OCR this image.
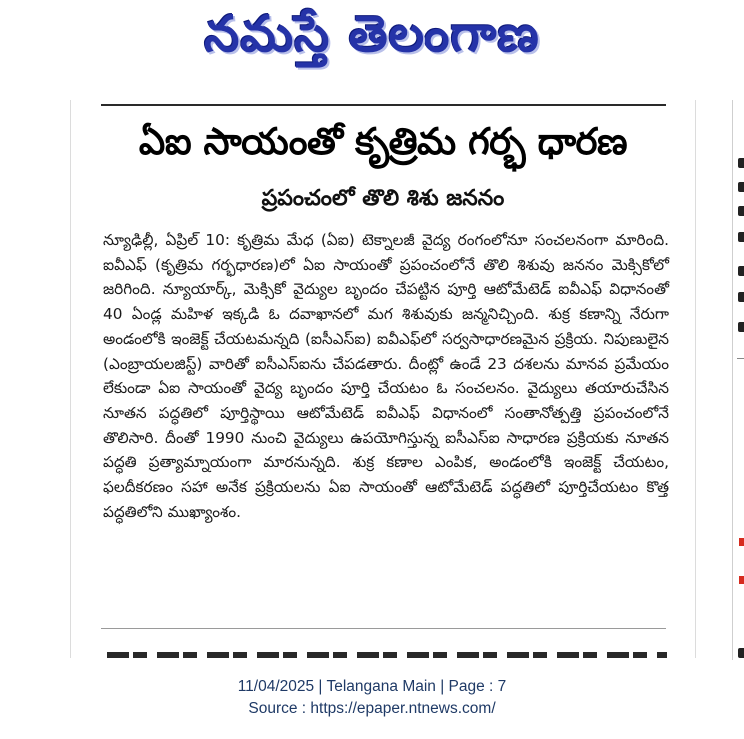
నమస్తే తెలంగాణ
ఏఐ సాయంతో కృత్రిమ గర్భ ధారణ
ప్రపంచంలో తొలి శిశు జననం
న్యూఢిల్లీ, ఏప్రిల్ 10: కృత్రిమ మేధ (ఏఐ) టెక్నాలజీ వైద్య రంగంలోనూ సంచలనంగా మారింది. ఐవీఎఫ్ (కృత్రిమ గర్భధారణ)లో ఏఐ సాయంతో ప్రపంచంలోనే తొలి శిశువు జననం మెక్సికోలో జరిగింది. న్యూయార్క్, మెక్సికో వైద్యుల బృందం చేపట్టిన పూర్తి ఆటోమేటెడ్ ఐవీఎఫ్ విధానంతో 40 ఏండ్ల మహిళ ఇక్కడి ఓ దవాఖానలో మగ శిశువుకు జన్మనిచ్చింది. శుక్ర కణాన్ని నేరుగా అండంలోకి ఇంజెక్ట్ చేయటమన్నది (ఐసీఎస్ఐ) ఐవీఎఫ్‌లో సర్వసాధారణమైన ప్రక్రియ. నిపుణులైన (ఎంబ్రాయలజిస్ట్) వారితో ఐసీఎస్ఐను చేపడతారు. దీంట్లో ఉండే 23 దశలను మానవ ప్రమేయం లేకుండా ఏఐ సాయంతో వైద్య బృందం పూర్తి చేయటం ఓ సంచలనం. వైద్యులు తయారుచేసిన నూతన పద్ధతిలో పూర్తిస్థాయి ఆటోమేటెడ్ ఐవీఎఫ్ విధానంలో సంతానోత్పత్తి ప్రపంచంలోనే తొలిసారి. దీంతో 1990 నుంచి వైద్యులు ఉపయోగిస్తున్న ఐసీఎస్ఐ సాధారణ ప్రక్రియకు నూతన పద్ధతి ప్రత్యామ్నాయంగా మారనున్నది. శుక్ర కణాల ఎంపిక, అండంలోకి ఇంజెక్ట్ చేయటం, ఫలదీకరణం సహా అనేక ప్రక్రియలను ఏఐ సాయంతో ఆటోమేటెడ్ పద్ధతిలో పూర్తిచేయటం కొత్త పద్ధతిలోని ముఖ్యాంశం.
11/04/2025 | Telangana Main | Page : 7
Source : https://epaper.ntnews.com/
